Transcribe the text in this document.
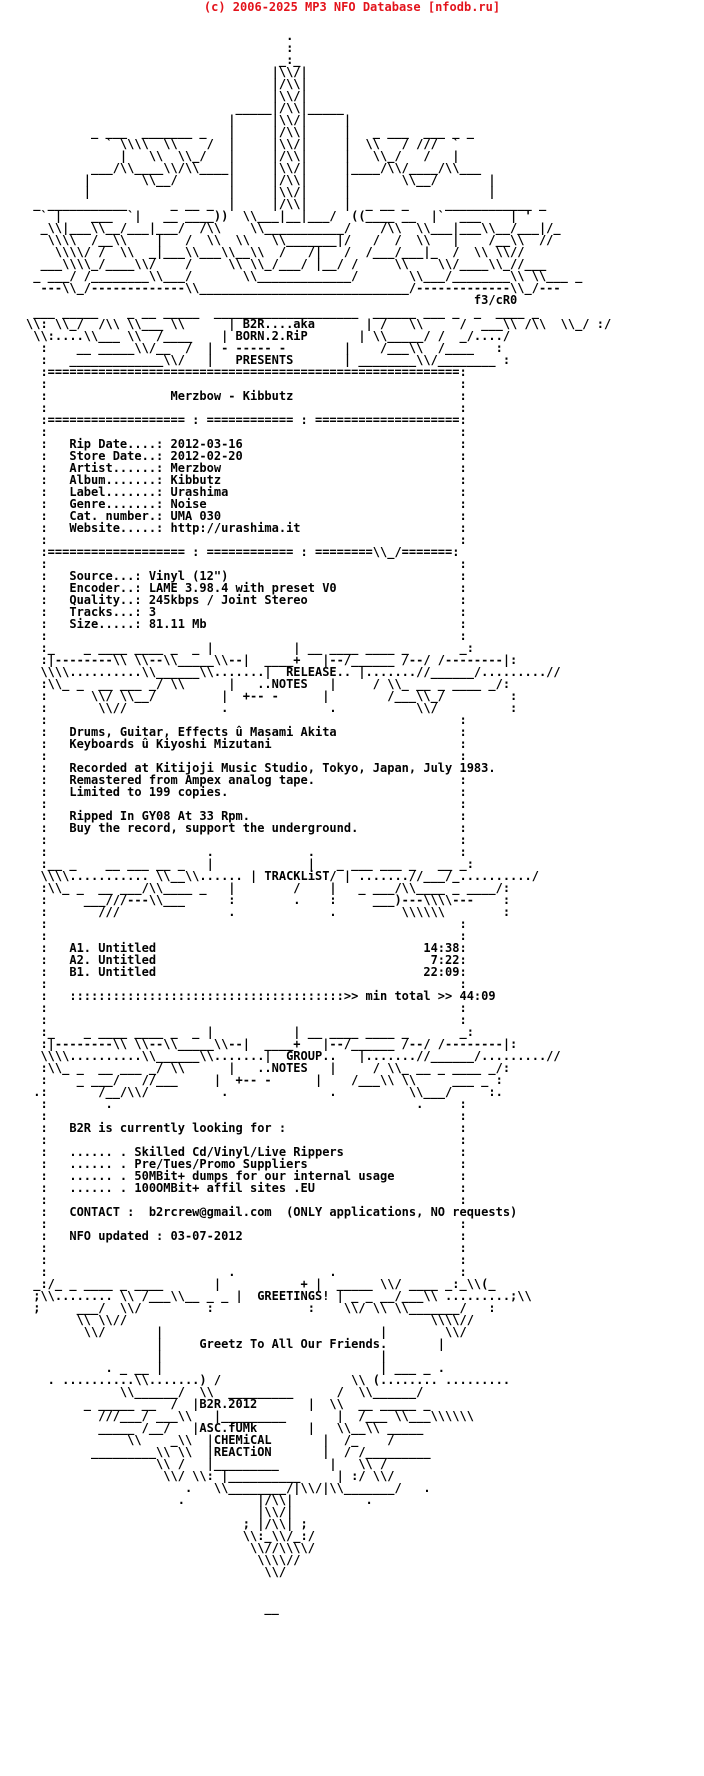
(c) 2006-2025 MP3 NFO Database [nfodb.ru]
.
:
_:_
|\\/|
|/\\|
|\\/|
_____|/\\|_____
|     |\\/|     |
_ ___  _______ _   |     |/\\|     |   _ ___  ___ _ _
` \\\\  \\    /  |     |\\/|     |  \\   / ///  `
|   \\  \\_/   |     |/\\|     |   \\_/   /   |
___/\\____\\/\\____|     |\\/|     |____/\\/____/\\___
|       \\__/       |     |/\\|     |       \\__/       |
|                   |     |\\/|     |                   |
_ ___________      _ __ _  |     |/\\|     |  _ __ _     ____________ _
` |    ___  `|   __ ____))  \\___|__|___/  ((____ __  |`  ___    | '
_\\|___\\__/___|___/  /\\    \\___________/    /\\  \\___|___\\__/___|/_
\\\\  /__\\    |   /  \\  \\   \\_______|/   /  /  \\   |    /__\\  //
\\\\/ /  \\  _|___\\___\\__\\  /   /|   /  /___/___|_  /  \\ \\//
___\\\\_/____\\/    /     \\ \\_/___/ |__/ /     \\    \\/____\\_//___
_ ___/ /________\\___/       \\_____________/       \\___/________\\ \\___ _
---\\_/-------------\\_____________________________/-------------\\_/---
f3/cR0
___ _____    _ __ _____  ____________________  ______ ___ _  _  ____ _
\\: \\_/  /\\ \\___ \\      | B2R....aka       | /   \\     /  ___\\ /\\  \\_/ :/
\\:....\\___ \\  /____    | BORN.2.RiP       | \\_____/ /  _/..../
:    __ _____\\/__  /  | - ----- -        |    /___\\  /____   :
:   _____________\\/   |   PRESENTS       | ________\\/________ :
:=========================================================:
:                                                         :
:                 Merzbow - Kibbutz                       :
:                                                         :
:=================== : ============ : ====================:
:                                                         :
:   Rip Date....: 2012-03-16                              :
:   Store Date..: 2012-02-20                              :
:   Artist......: Merzbow                                 :
:   Album.......: Kibbutz                                 :
:   Label.......: Urashima                                :
:   Genre.......: Noise                                   :
:   Cat. number.: UMA 030                                 :
:   Website.....: http://urashima.it                      :
:                                                         :
:=================== : ============ : ========\\_/=======:
:                                                         :
:   Source...: Vinyl (12")                                :
:   Encoder..: LAME 3.98.4 with preset V0                 :
:   Quality..: 245kbps / Joint Stereo                     :
:   Tracks...: 3                                          :
:   Size.....: 81.11 Mb                                   :
:                                                         :
:_    _ ____ ____ _  _ |           | __ ____ ____ _       _:
:|--------\\ \\--\\_____\\--|  ____+   |--/______ /--/ /--------|:
\\\\..........\\______\\.......|  RELEASE.. |.......//______/.........//
:\\_ _  __ ___ _/ \\      |   ..NOTES   |     / \\_ __ _ ____ _/:
:      \\/ \\__/         |  +-- -      |        /___\\_/         :
:       \\//             .              .           \\/          :
:                                                         :
:   Drums, Guitar, Effects û Masami Akita                 :
:   Keyboards û Kiyoshi Mizutani                          :
:                                                         :
:   Recorded at Kitijoji Music Studio, Tokyo, Japan, July 1983.
:   Remastered from Ampex analog tape.                    :
:   Limited to 199 copies.                                :
:                                                         :
:   Ripped In GY08 At 33 Rpm.                             :
:   Buy the record, support the underground.              :
:                                                         :
:                      .             .                    :
:__ _    __ ___ __ _   |             |   _ ___ ___ _   __ _:
\\\\........... \\__\\...... | TRACKLiST/ | .......//___/_........../
:\\_ _  __ ___/\\____ _   |        /    |   _ ___/\\____ _ ____/:
:     ___///---\\___      :        .    :     ___)---\\\\---    :
:       ///               .             .         \\\\\\        :
:                                                         :
:                                                         :
:   A1. Untitled                                     14:38:
:   A2. Untitled                                      7:22:
:   B1. Untitled                                     22:09:
:                                                         :
:   ::::::::::::::::::::::::::::::::::::::>> min total >> 44:09
:                                                         :
:                                                         :
:_    _ ____ ____ _  _ |           | __ ____ ____ _       _:
:|--------\\ \\--\\_____\\--|  ____+   |--/______ /--/ /--------|:
\\\\..........\\______\\.......|  GROUP..   |.......//______/.........//
:\\_ _  __ ___ _/ \\      |   ..NOTES   |     / \\_ __ _ ____ _/:
:    _ ___/   //___     |  +-- -      |    /___\\ \\     ___ _ :
.:       /__/\\/          .              .          \\___/     :.
:        .                                          .     :
:                                                         :
:   B2R is currently looking for :                        :
:                                                         :
:   ...... . Skilled Cd/Vinyl/Live Rippers                :
:   ...... . Pre/Tues/Promo Suppliers                     :
:   ...... . 50MBit+ dumps for our internal usage         :
:   ...... . 100OMBit+ affil sites .EU                    :
:                                                         :
:   CONTACT :  b2rcrew@gmail.com  (ONLY applications, NO requests)
:                                                         :
:   NFO updated : 03-07-2012                              :
:                                                         :
:                                                         :
:                         .             .                 :
_:/_ _ ____ _ ____       |           + |  _____ \\/ ____ _:_\\(_
;\\........ \\ /___\\__ _ _ |  GREETINGS! | _ _ __/___\\ .........;\\
;     ___/  \\/         :             :    \\/ \\ \\_______/   :
\\ \\//                                          \\\\//
\\/       |                              |        \\/
|     Greetz To All Our Friends.       |
|                              |
. _ __ |                              | ___ _ .
. ..........\\.......) /                  \\ (........ .........
\\______/  \\  _________      /  \\______/
_ _____ __  /  |B2R.2012       |  \\  __ _____ _
///___/ ___\\   |_________       |  /___ \\___\\\\\\
_____ /__/   |ASC.fUMk       |   \\__\\ _____
\\    _\\  |CHEMiCAL       |  /_    /
_________\\ \\  |REACTiON       |  / /_________
\\ /   |_________       |   \\ /
\\/ \\: |__________     | :/ \\/
.   \\________/|\\/|\\_______/   .
.          |/\\|          .
|\\/|
; |/\\| ;
\\:_\\/_:/
\\//\\\\/
\\\\//
\\/

__
